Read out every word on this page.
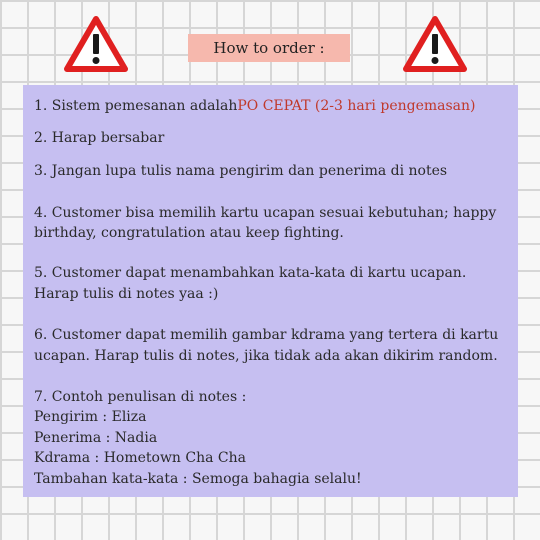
How to order :
1. Sistem pemesanan adalahPO CEPAT (2-3 hari pengemasan)
2. Harap bersabar
3. Jangan lupa tulis nama pengirim dan penerima di notes
4. Customer bisa memilih kartu ucapan sesuai kebutuhan; happy
birthday, congratulation atau keep fighting.
5. Customer dapat menambahkan kata-kata di kartu ucapan.
Harap tulis di notes yaa :)
6. Customer dapat memilih gambar kdrama yang tertera di kartu
ucapan. Harap tulis di notes, jika tidak ada akan dikirim random.
7. Contoh penulisan di notes :
Pengirim : Eliza
Penerima : Nadia
Kdrama : Hometown Cha Cha
Tambahan kata-kata : Semoga bahagia selalu!
